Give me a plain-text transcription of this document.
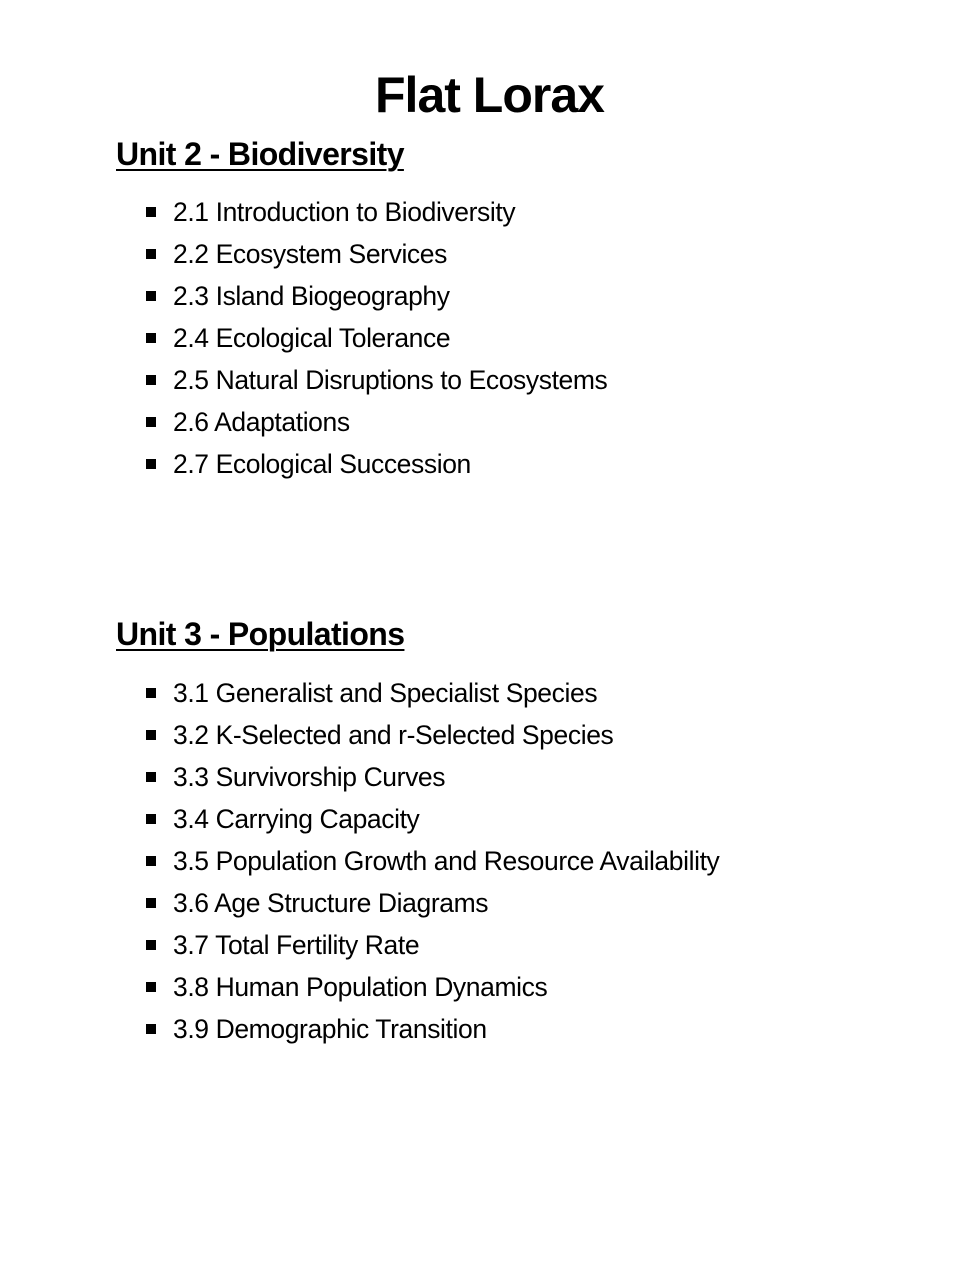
Flat Lorax
Unit 2 - Biodiversity
2.1 Introduction to Biodiversity
2.2 Ecosystem Services
2.3 Island Biogeography
2.4 Ecological Tolerance
2.5 Natural Disruptions to Ecosystems
2.6 Adaptations
2.7 Ecological Succession
Unit 3 - Populations
3.1 Generalist and Specialist Species
3.2 K-Selected and r-Selected Species
3.3 Survivorship Curves
3.4 Carrying Capacity
3.5 Population Growth and Resource Availability
3.6 Age Structure Diagrams
3.7 Total Fertility Rate
3.8 Human Population Dynamics
3.9 Demographic Transition
